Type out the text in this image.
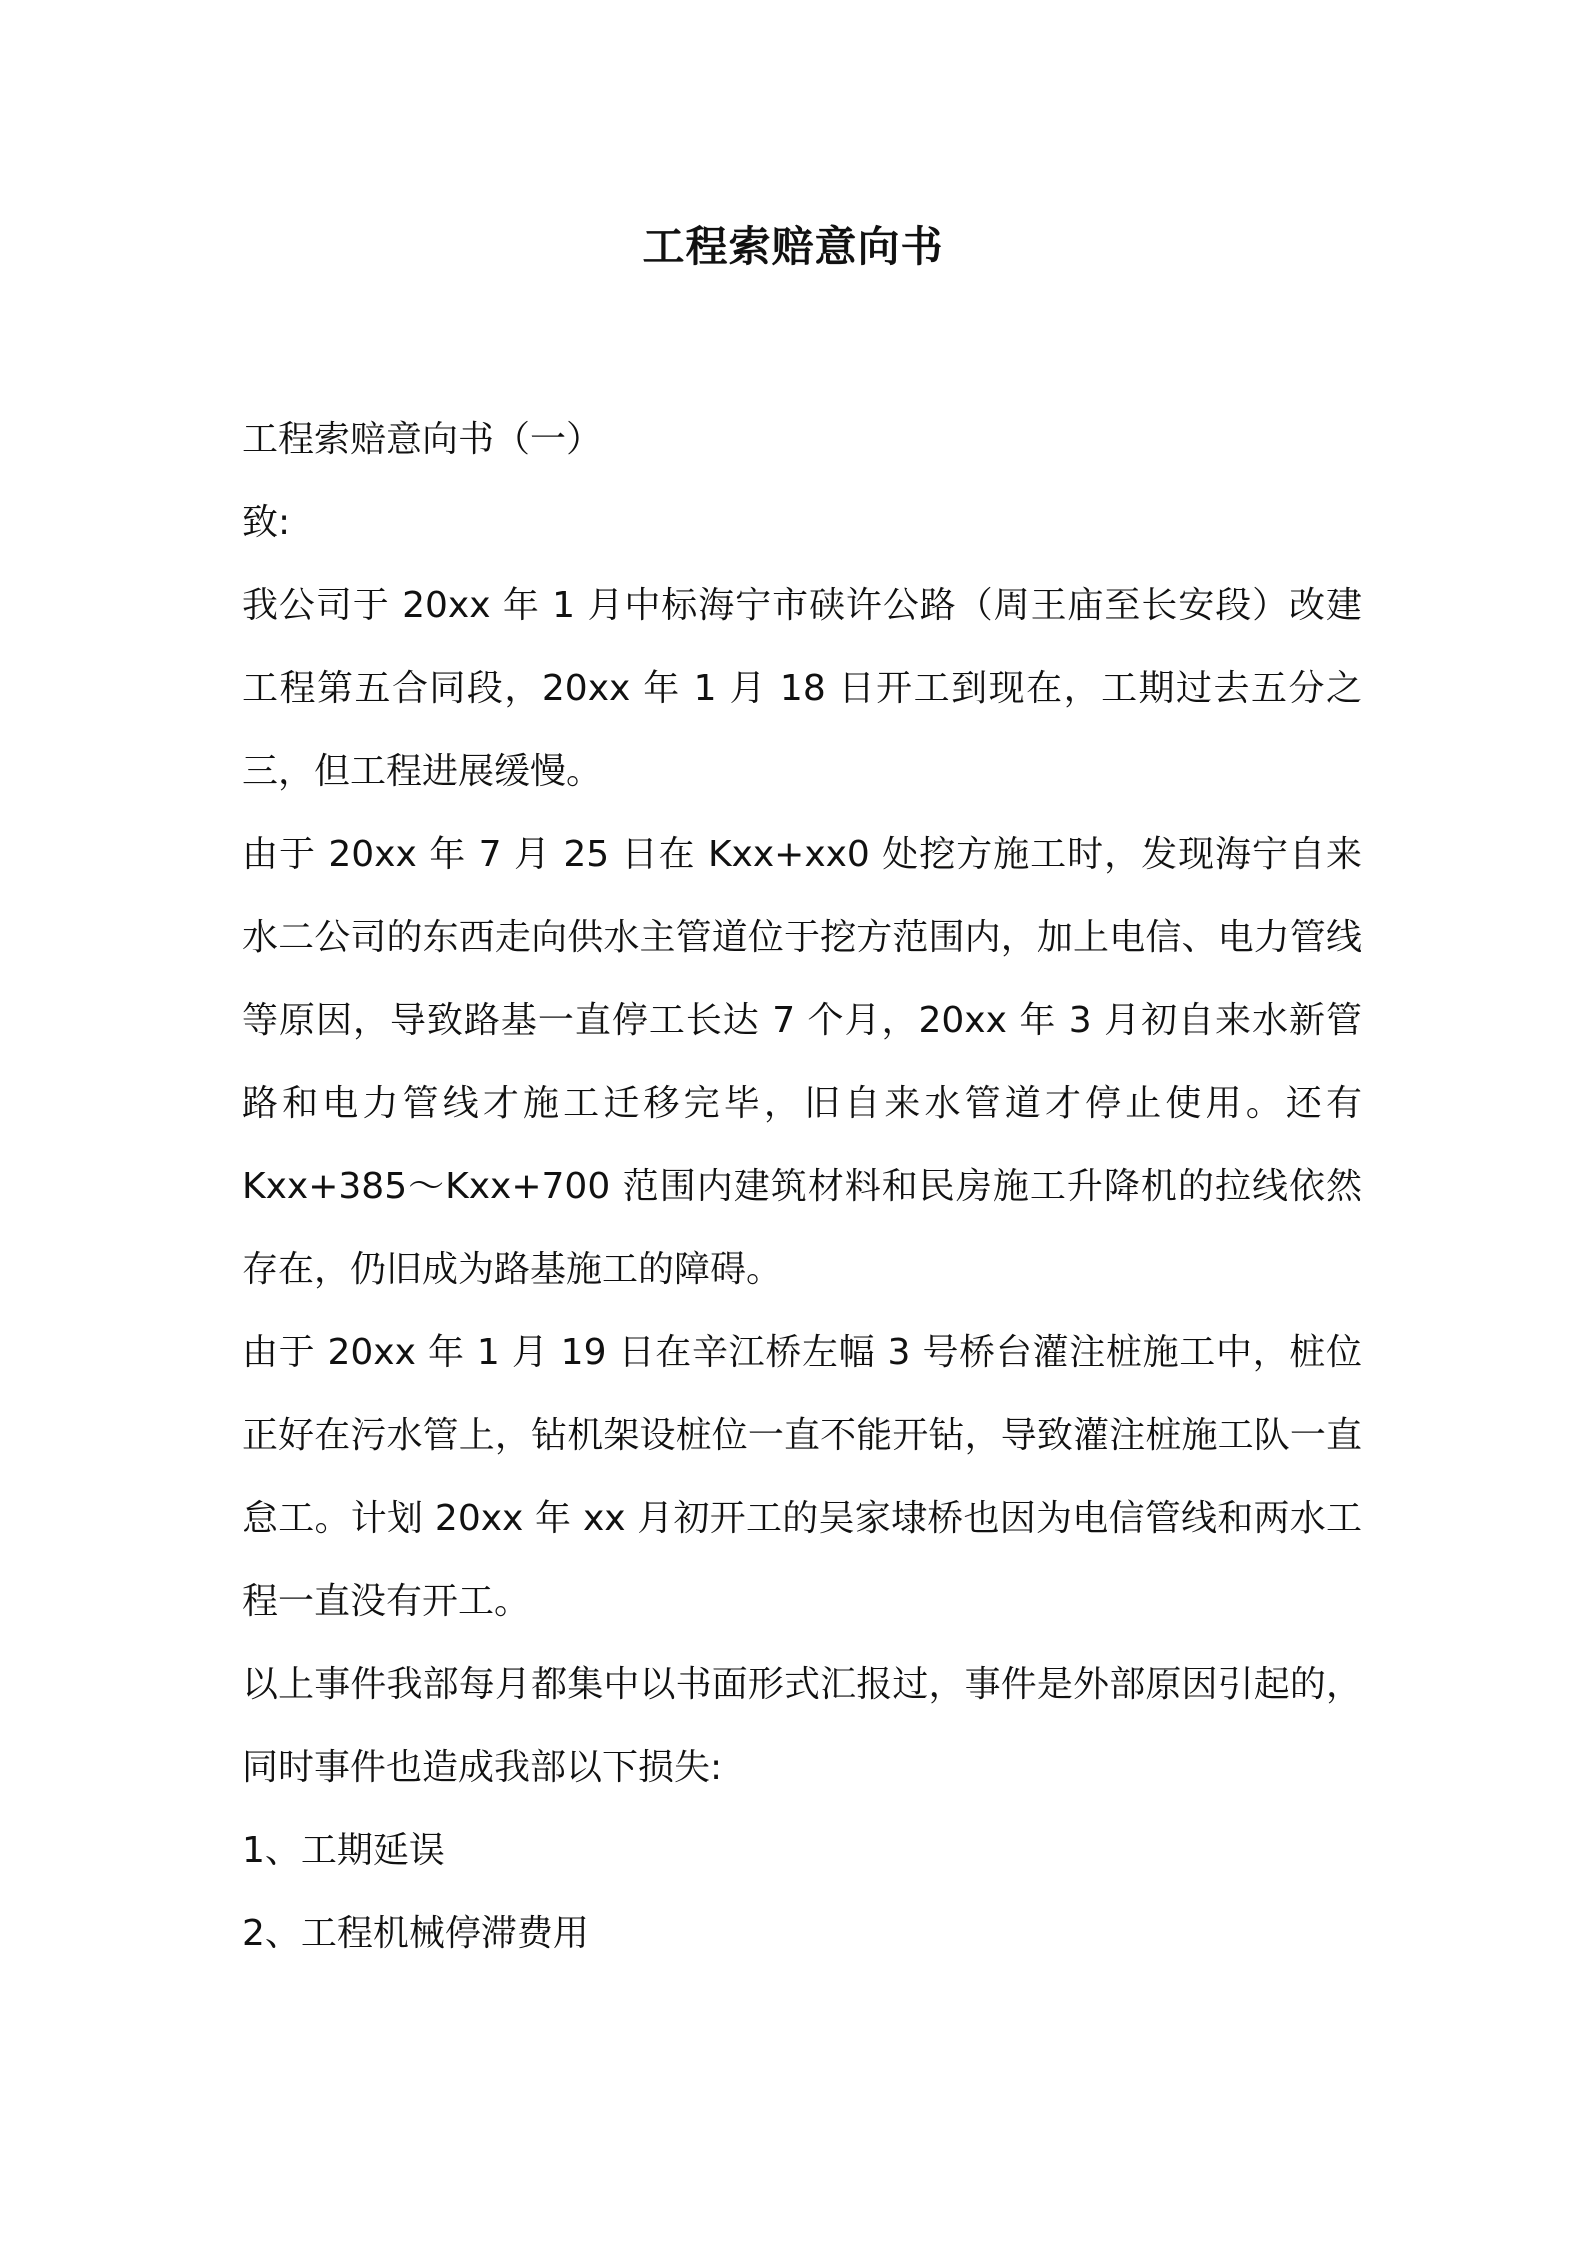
工程索赔意向书

工程索赔意向书（一）

致:

我公司于 20xx 年 1 月中标海宁市硖许公路（周王庙至长安段）改建工程第五合同段，20xx 年 1 月 18 日开工到现在，工期过去五分之三，但工程进展缓慢。

由于 20xx 年 7 月 25 日在 Kxx+xx0 处挖方施工时，发现海宁自来水二公司的东西走向供水主管道位于挖方范围内，加上电信、电力管线等原因，导致路基一直停工长达 7 个月，20xx 年 3 月初自来水新管路和电力管线才施工迁移完毕，旧自来水管道才停止使用。还有 Kxx+385～Kxx+700 范围内建筑材料和民房施工升降机的拉线依然存在，仍旧成为路基施工的障碍。

由于 20xx 年 1 月 19 日在辛江桥左幅 3 号桥台灌注桩施工中，桩位正好在污水管上，钻机架设桩位一直不能开钻，导致灌注桩施工队一直怠工。计划 20xx 年 xx 月初开工的吴家埭桥也因为电信管线和两水工程一直没有开工。

以上事件我部每月都集中以书面形式汇报过，事件是外部原因引起的，同时事件也造成我部以下损失:

1、工期延误

2、工程机械停滞费用
